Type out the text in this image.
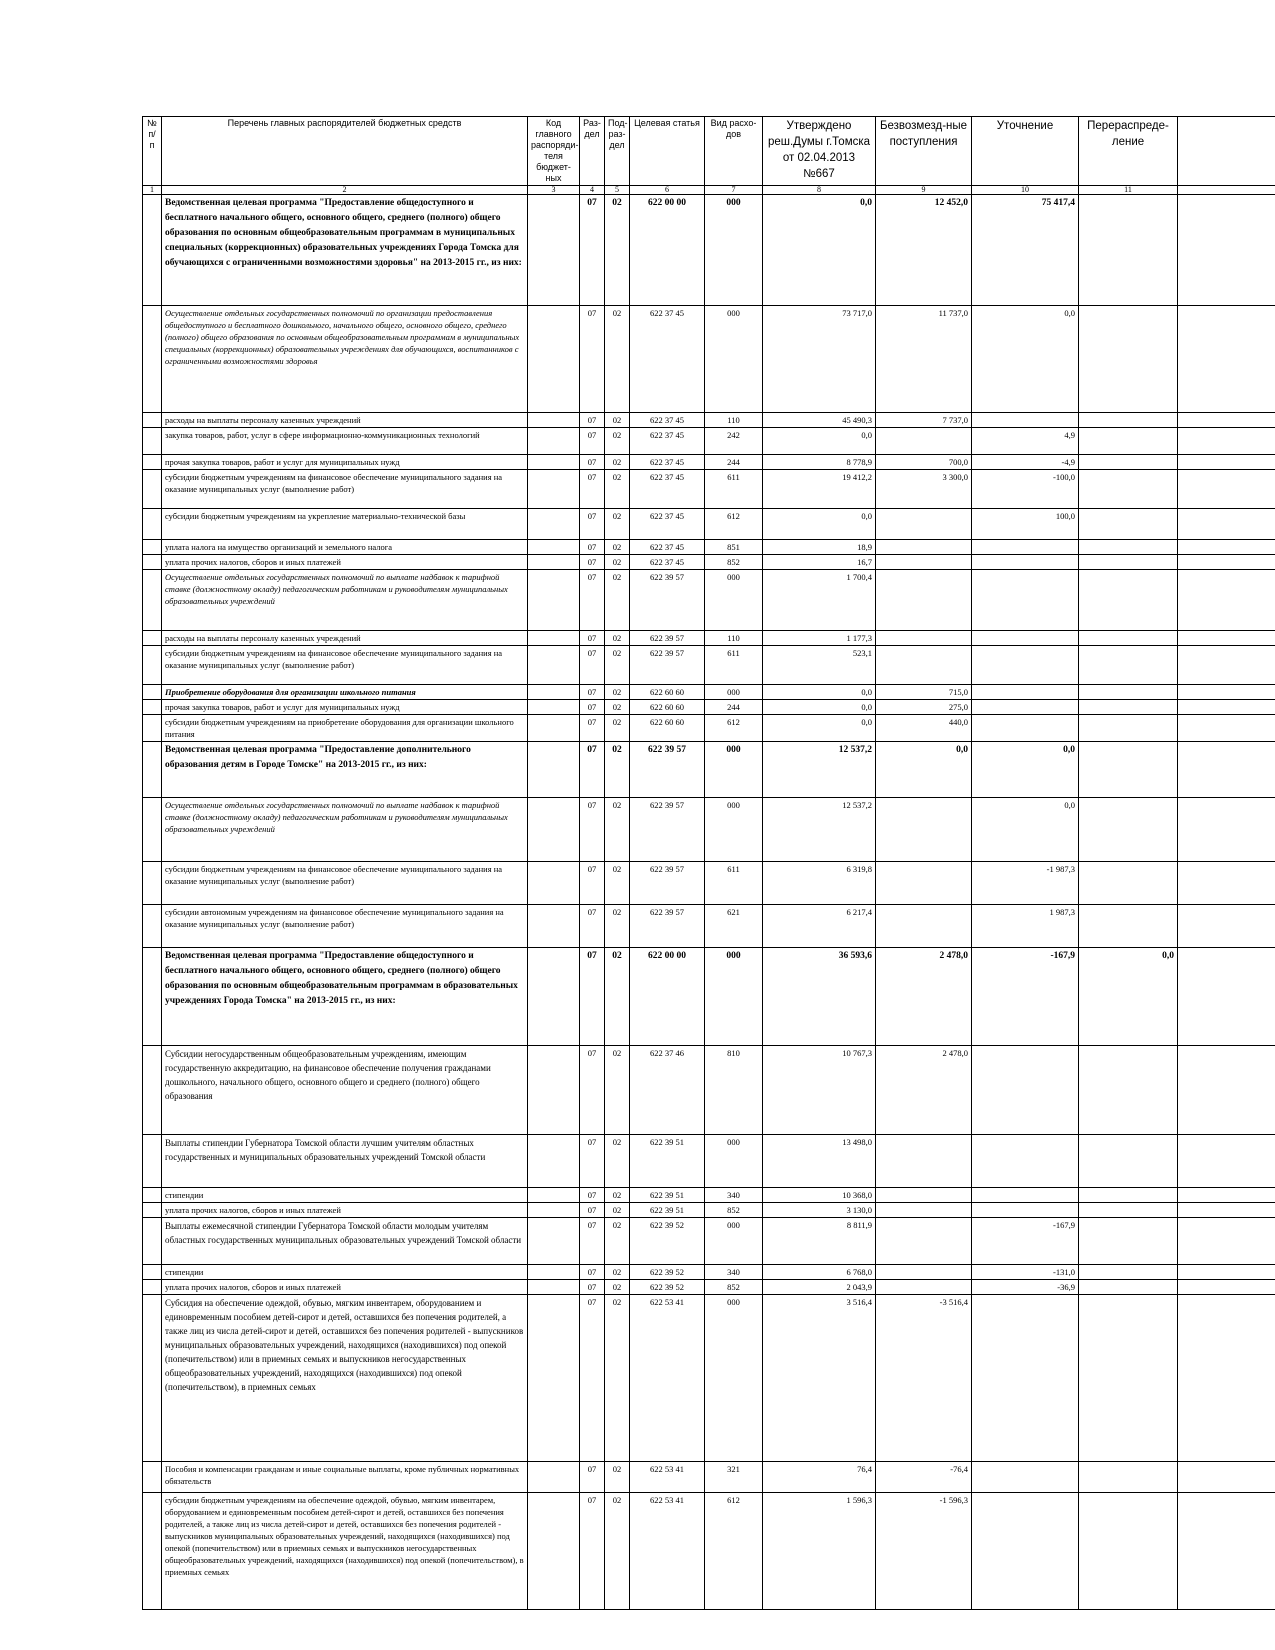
№ п/п	Перечень главных распорядителей бюджетных средств	Код главного распоряди-теля бюджет-ных	Раз-дел	Под-раз-дел	Целевая статья	Вид расхо-дов	Утверждено реш.Думы г.Томска от 02.04.2013 №667	Безвозмезд-ные поступления	Уточнение	Перераспреде-ление	
1	2	3	4	5	6	7	8	9	10	11	
	Ведомственная целевая программа "Предоставление общедоступного и бесплатного начального общего, основного общего, среднего (полного) общего образования по основным общеобразовательным программам в муниципальных специальных (коррекционных) образовательных учреждениях Города Томска для обучающихся с ограниченными возможностями здоровья" на 2013-2015 гг., из них:		07	02	622 00 00	000	0,0	12 452,0	75 417,4		
	Осуществление отдельных государственных полномочий по организации предоставления общедоступного и бесплатного дошкольного, начального общего, основного общего, среднего (полного) общего образования по основным общеобразовательным программам в муниципальных специальных (коррекционных) образовательных учреждениях для обучающихся, воспитанников с ограниченными возможностями здоровья		07	02	622 37 45	000	73 717,0	11 737,0	0,0		
	расходы на выплаты персоналу казенных учреждений		07	02	622 37 45	110	45 490,3	7 737,0			
	закупка товаров, работ, услуг в сфере информационно-коммуникационных технологий		07	02	622 37 45	242	0,0		4,9		
	прочая закупка товаров, работ и услуг для муниципальных нужд		07	02	622 37 45	244	8 778,9	700,0	-4,9		
	субсидии бюджетным учреждениям на финансовое обеспечение муниципального задания на оказание муниципальных услуг (выполнение работ)		07	02	622 37 45	611	19 412,2	3 300,0	-100,0		
	субсидии бюджетным учреждениям на укрепление материально-технической базы		07	02	622 37 45	612	0,0		100,0		
	уплата налога на имущество организаций и земельного налога		07	02	622 37 45	851	18,9				
	уплата прочих налогов, сборов и иных платежей		07	02	622 37 45	852	16,7				
	Осуществление отдельных государственных полномочий по выплате надбавок к тарифной ставке (должностному окладу) педагогическим работникам и руководителям муниципальных образовательных учреждений		07	02	622 39 57	000	1 700,4				
	расходы на выплаты персоналу казенных учреждений		07	02	622 39 57	110	1 177,3				
	субсидии бюджетным учреждениям на финансовое обеспечение муниципального задания на оказание муниципальных услуг (выполнение работ)		07	02	622 39 57	611	523,1				
	Приобретение оборудования для организации школьного питания		07	02	622 60 60	000	0,0	715,0			
	прочая закупка товаров, работ и услуг для муниципальных нужд		07	02	622 60 60	244	0,0	275,0			
	субсидии бюджетным учреждениям на приобретение оборудования для организации школьного питания		07	02	622 60 60	612	0,0	440,0			
	Ведомственная целевая программа "Предоставление дополнительного образования детям в Городе Томске" на 2013-2015 гг., из них:		07	02	622 39 57	000	12 537,2	0,0	0,0		
	Осуществление отдельных государственных полномочий по выплате надбавок к тарифной ставке (должностному окладу) педагогическим работникам и руководителям муниципальных образовательных учреждений		07	02	622 39 57	000	12 537,2		0,0		
	субсидии бюджетным учреждениям на финансовое обеспечение муниципального задания на оказание муниципальных услуг (выполнение работ)		07	02	622 39 57	611	6 319,8		-1 987,3		
	субсидии автономным учреждениям на финансовое обеспечение муниципального задания на оказание муниципальных услуг (выполнение работ)		07	02	622 39 57	621	6 217,4		1 987,3		
	Ведомственная целевая программа "Предоставление общедоступного и бесплатного начального общего, основного общего, среднего (полного) общего образования по основным общеобразовательным программам в образовательных учреждениях Города Томска" на 2013-2015 гг., из них:		07	02	622 00 00	000	36 593,6	2 478,0	-167,9	0,0	
	Субсидии негосударственным общеобразовательным учреждениям, имеющим государственную аккредитацию, на финансовое обеспечение получения гражданами дошкольного, начального общего, основного общего и среднего (полного) общего образования		07	02	622 37 46	810	10 767,3	2 478,0			
	Выплаты стипендии Губернатора Томской области лучшим учителям областных государственных и муниципальных образовательных учреждений Томской области		07	02	622 39 51	000	13 498,0				
	стипендии		07	02	622 39 51	340	10 368,0				
	уплата прочих налогов, сборов и иных платежей		07	02	622 39 51	852	3 130,0				
	Выплаты ежемесячной стипендии Губернатора Томской области молодым учителям областных государственных муниципальных образовательных учреждений Томской области		07	02	622 39 52	000	8 811,9		-167,9		
	стипендии		07	02	622 39 52	340	6 768,0		-131,0		
	уплата прочих налогов, сборов и иных платежей		07	02	622 39 52	852	2 043,9		-36,9		
	Субсидия на обеспечение одеждой, обувью, мягким инвентарем, оборудованием и единовременным пособием детей-сирот и детей, оставшихся без попечения родителей, а также лиц из числа детей-сирот и детей, оставшихся без попечения родителей - выпускников муниципальных образовательных учреждений, находящихся (находившихся) под опекой (попечительством) или в приемных семьях и выпускников негосударственных общеобразовательных учреждений, находящихся (находившихся) под опекой (попечительством), в приемных семьях		07	02	622 53 41	000	3 516,4	-3 516,4			
	Пособия и компенсации гражданам и иные социальные выплаты, кроме публичных нормативных обязательств		07	02	622 53 41	321	76,4	-76,4			
	субсидии бюджетным учреждениям на обеспечение одеждой, обувью, мягким инвентарем, оборудованием и единовременным пособием детей-сирот и детей, оставшихся без попечения родителей, а также лиц из числа детей-сирот и детей, оставшихся без попечения родителей - выпускников муниципальных образовательных учреждений, находящихся (находившихся) под опекой (попечительством) или в приемных семьях и выпускников негосударственных общеобразовательных учреждений, находящихся (находившихся) под опекой (попечительством), в приемных семьях		07	02	622 53 41	612	1 596,3	-1 596,3			
